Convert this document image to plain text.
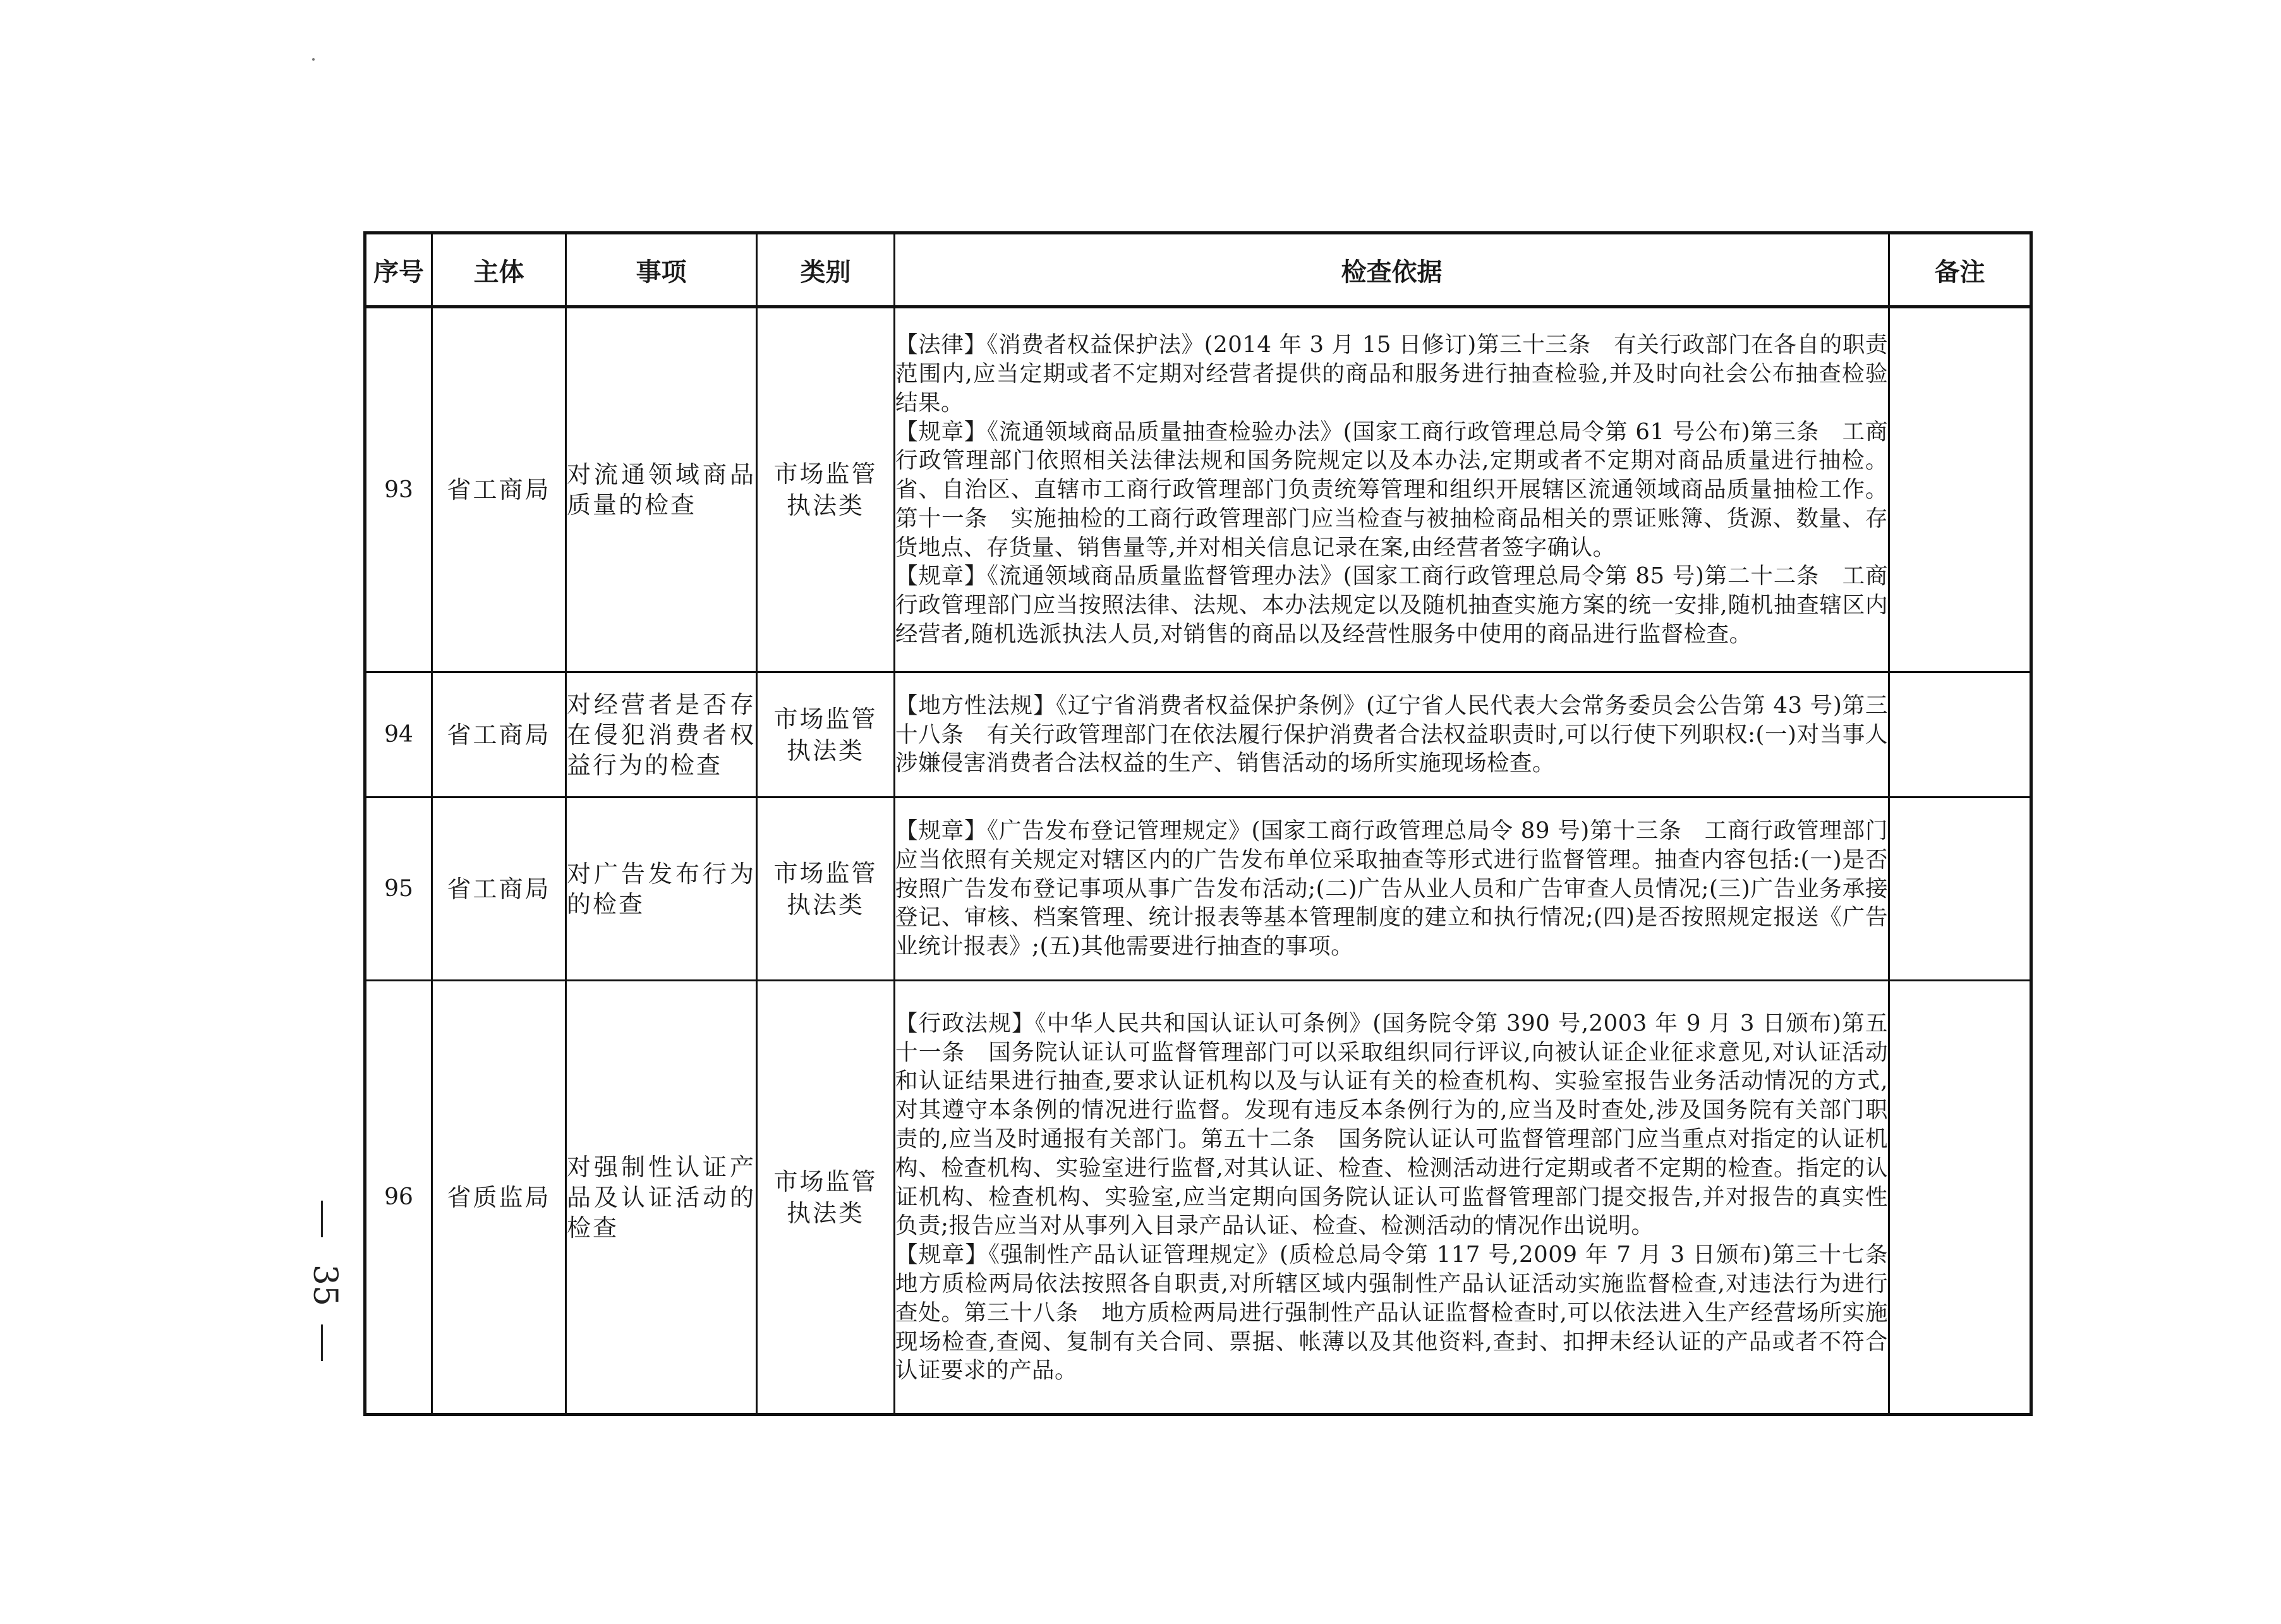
序号	主体	事项	类别	检查依据	备注
93	省工商局	对流通领域商品质量的检查	市场监管执法类	【法律】《消费者权益保护法》(2014 年 3 月 15 日修订)第三十三条　有关行政部门在各自的职责范围内,应当定期或者不定期对经营者提供的商品和服务进行抽查检验,并及时向社会公布抽查检验结果。
【规章】《流通领域商品质量抽查检验办法》(国家工商行政管理总局令第 61 号公布)第三条　工商行政管理部门依照相关法律法规和国务院规定以及本办法,定期或者不定期对商品质量进行抽检。省、自治区、直辖市工商行政管理部门负责统筹管理和组织开展辖区流通领域商品质量抽检工作。第十一条　实施抽检的工商行政管理部门应当检查与被抽检商品相关的票证账簿、货源、数量、存货地点、存货量、销售量等,并对相关信息记录在案,由经营者签字确认。
【规章】《流通领域商品质量监督管理办法》(国家工商行政管理总局令第 85 号)第二十二条　工商行政管理部门应当按照法律、法规、本办法规定以及随机抽查实施方案的统一安排,随机抽查辖区内经营者,随机选派执法人员,对销售的商品以及经营性服务中使用的商品进行监督检查。	

94	省工商局	对经营者是否存在侵犯消费者权益行为的检查	市场监管执法类	【地方性法规】《辽宁省消费者权益保护条例》(辽宁省人民代表大会常务委员会公告第 43 号)第三十八条　有关行政管理部门在依法履行保护消费者合法权益职责时,可以行使下列职权:(一)对当事人涉嫌侵害消费者合法权益的生产、销售活动的场所实施现场检查。	

95	省工商局	对广告发布行为的检查	市场监管执法类	【规章】《广告发布登记管理规定》(国家工商行政管理总局令 89 号)第十三条　工商行政管理部门应当依照有关规定对辖区内的广告发布单位采取抽查等形式进行监督管理。抽查内容包括:(一)是否按照广告发布登记事项从事广告发布活动;(二)广告从业人员和广告审查人员情况;(三)广告业务承接登记、审核、档案管理、统计报表等基本管理制度的建立和执行情况;(四)是否按照规定报送《广告业统计报表》;(五)其他需要进行抽查的事项。	

96	省质监局	对强制性认证产品及认证活动的检查	市场监管执法类	【行政法规】《中华人民共和国认证认可条例》(国务院令第 390 号,2003 年 9 月 3 日颁布)第五十一条　国务院认证认可监督管理部门可以采取组织同行评议,向被认证企业征求意见,对认证活动和认证结果进行抽查,要求认证机构以及与认证有关的检查机构、实验室报告业务活动情况的方式,对其遵守本条例的情况进行监督。发现有违反本条例行为的,应当及时查处,涉及国务院有关部门职责的,应当及时通报有关部门。第五十二条　国务院认证认可监督管理部门应当重点对指定的认证机构、检查机构、实验室进行监督,对其认证、检查、检测活动进行定期或者不定期的检查。指定的认证机构、检查机构、实验室,应当定期向国务院认证认可监督管理部门提交报告,并对报告的真实性负责;报告应当对从事列入目录产品认证、检查、检测活动的情况作出说明。
【规章】《强制性产品认证管理规定》(质检总局令第 117 号,2009 年 7 月 3 日颁布)第三十七条　地方质检两局依法按照各自职责,对所辖区域内强制性产品认证活动实施监督检查,对违法行为进行查处。第三十八条　地方质检两局进行强制性产品认证监督检查时,可以依法进入生产经营场所实施现场检查,查阅、复制有关合同、票据、帐薄以及其他资料,查封、扣押未经认证的产品或者不符合认证要求的产品。	

35
